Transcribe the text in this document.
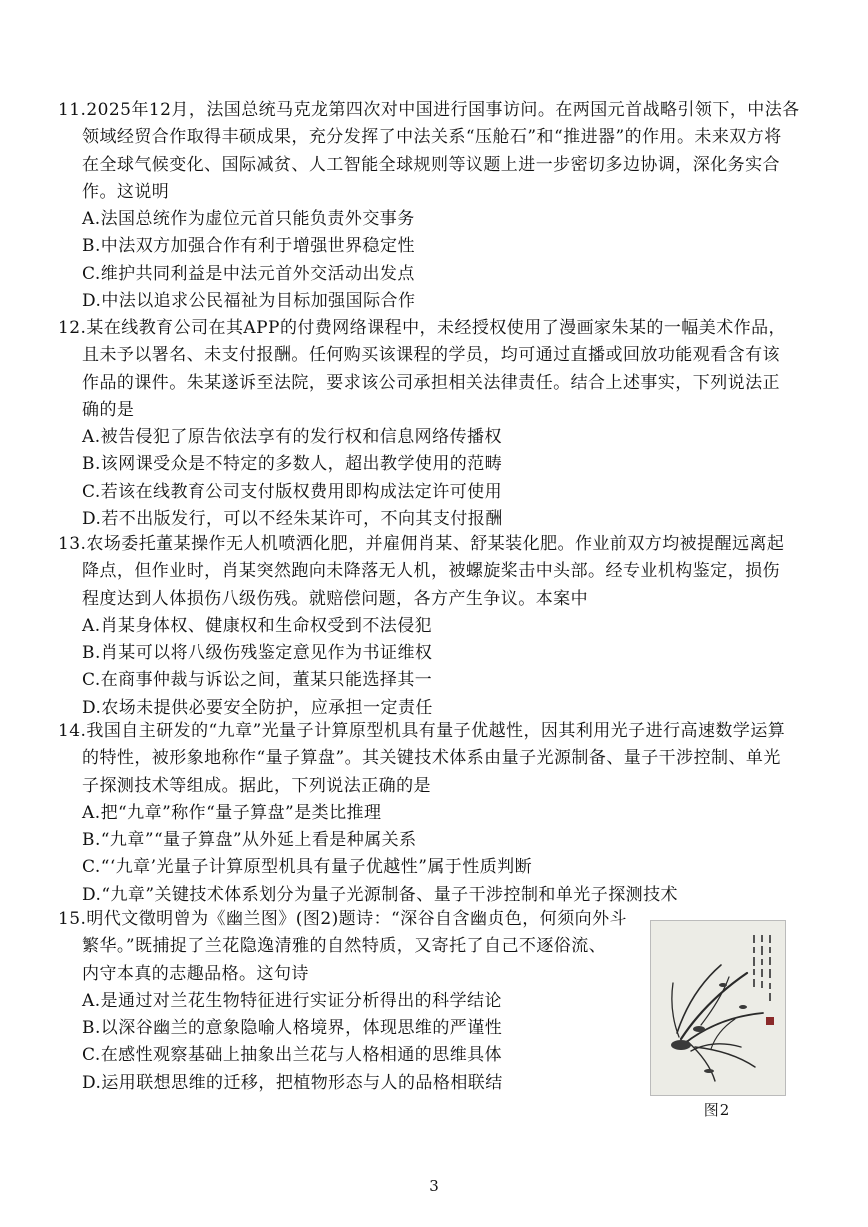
11.2025年12月，法国总统马克龙第四次对中国进行国事访问。在两国元首战略引领下，中法各
领域经贸合作取得丰硕成果，充分发挥了中法关系“压舱石”和“推进器”的作用。未来双方将
在全球气候变化、国际减贫、人工智能全球规则等议题上进一步密切多边协调，深化务实合
作。这说明
A.法国总统作为虚位元首只能负责外交事务
B.中法双方加强合作有利于增强世界稳定性
C.维护共同利益是中法元首外交活动出发点
D.中法以追求公民福祉为目标加强国际合作
12.某在线教育公司在其APP的付费网络课程中，未经授权使用了漫画家朱某的一幅美术作品，
且未予以署名、未支付报酬。任何购买该课程的学员，均可通过直播或回放功能观看含有该
作品的课件。朱某遂诉至法院，要求该公司承担相关法律责任。结合上述事实，下列说法正
确的是
A.被告侵犯了原告依法享有的发行权和信息网络传播权
B.该网课受众是不特定的多数人，超出教学使用的范畴
C.若该在线教育公司支付版权费用即构成法定许可使用
D.若不出版发行，可以不经朱某许可，不向其支付报酬
13.农场委托董某操作无人机喷洒化肥，并雇佣肖某、舒某装化肥。作业前双方均被提醒远离起
降点，但作业时，肖某突然跑向未降落无人机，被螺旋桨击中头部。经专业机构鉴定，损伤
程度达到人体损伤八级伤残。就赔偿问题，各方产生争议。本案中
A.肖某身体权、健康权和生命权受到不法侵犯
B.肖某可以将八级伤残鉴定意见作为书证维权
C.在商事仲裁与诉讼之间，董某只能选择其一
D.农场未提供必要安全防护，应承担一定责任
14.我国自主研发的“九章”光量子计算原型机具有量子优越性，因其利用光子进行高速数学运算
的特性，被形象地称作“量子算盘”。其关键技术体系由量子光源制备、量子干涉控制、单光
子探测技术等组成。据此，下列说法正确的是
A.把“九章”称作“量子算盘”是类比推理
B.“九章”“量子算盘”从外延上看是种属关系
C.“‘九章’光量子计算原型机具有量子优越性”属于性质判断
D.“九章”关键技术体系划分为量子光源制备、量子干涉控制和单光子探测技术
15.明代文徵明曾为《幽兰图》(图2)题诗：“深谷自含幽贞色，何须向外斗
繁华。”既捕捉了兰花隐逸清雅的自然特质，又寄托了自己不逐俗流、
内守本真的志趣品格。这句诗
A.是通过对兰花生物特征进行实证分析得出的科学结论
B.以深谷幽兰的意象隐喻人格境界，体现思维的严谨性
C.在感性观察基础上抽象出兰花与人格相通的思维具体
D.运用联想思维的迁移，把植物形态与人的品格相联结
图2
3
